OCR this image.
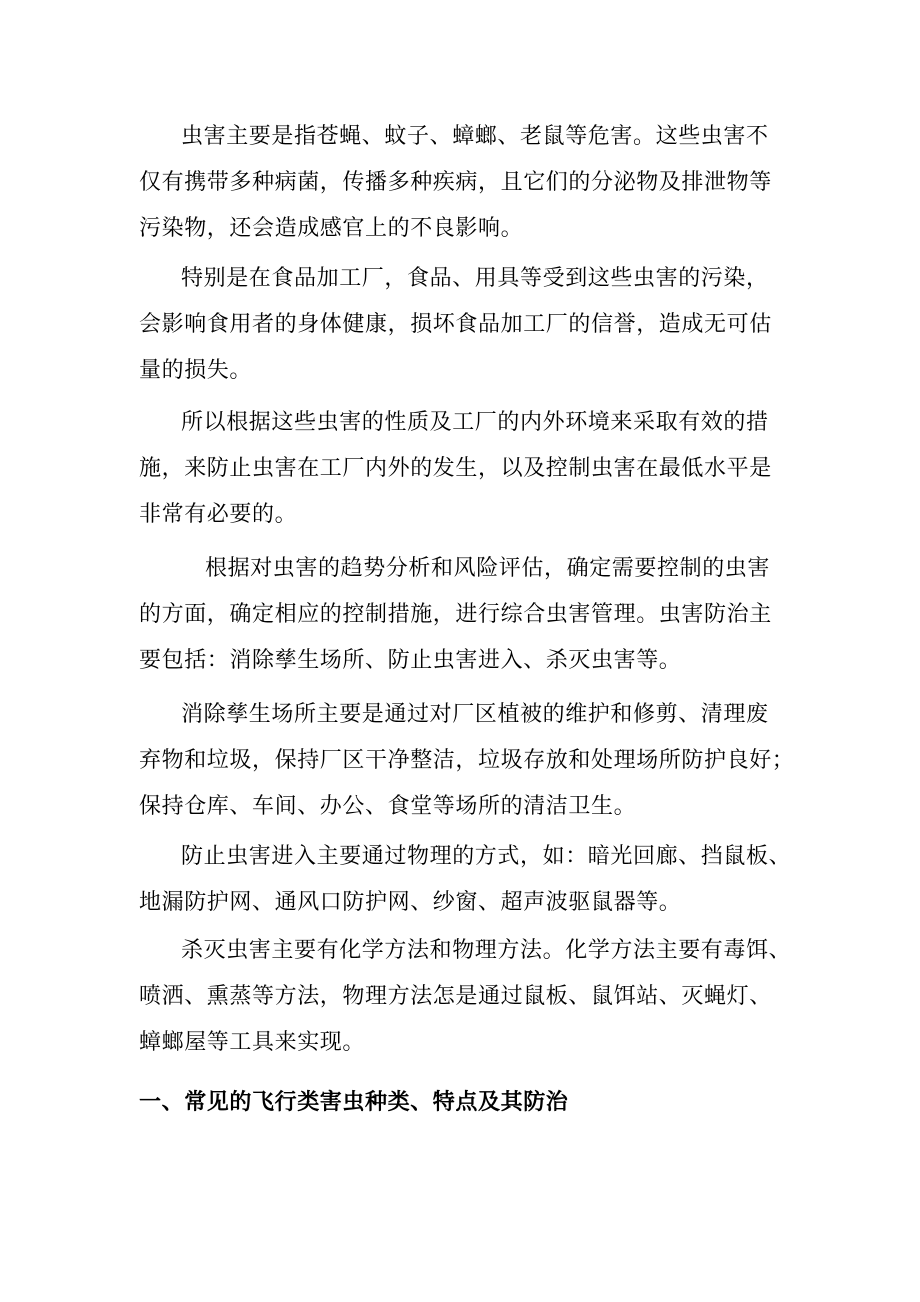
虫害主要是指苍蝇、蚊子、蟑螂、老鼠等危害。这些虫害不
仅有携带多种病菌，传播多种疾病，且它们的分泌物及排泄物等
污染物，还会造成感官上的不良影响。

特别是在食品加工厂，食品、用具等受到这些虫害的污染，
会影响食用者的身体健康，损坏食品加工厂的信誉，造成无可估
量的损失。

所以根据这些虫害的性质及工厂的内外环境来采取有效的措
施，来防止虫害在工厂内外的发生，以及控制虫害在最低水平是
非常有必要的。

根据对虫害的趋势分析和风险评估，确定需要控制的虫害
的方面，确定相应的控制措施，进行综合虫害管理。虫害防治主
要包括：消除孳生场所、防止虫害进入、杀灭虫害等。

消除孳生场所主要是通过对厂区植被的维护和修剪、清理废
弃物和垃圾，保持厂区干净整洁，垃圾存放和处理场所防护良好；
保持仓库、车间、办公、食堂等场所的清洁卫生。

防止虫害进入主要通过物理的方式，如：暗光回廊、挡鼠板、
地漏防护网、通风口防护网、纱窗、超声波驱鼠器等。

杀灭虫害主要有化学方法和物理方法。化学方法主要有毒饵、
喷洒、熏蒸等方法，物理方法怎是通过鼠板、鼠饵站、灭蝇灯、
蟑螂屋等工具来实现。

一、常见的飞行类害虫种类、特点及其防治
